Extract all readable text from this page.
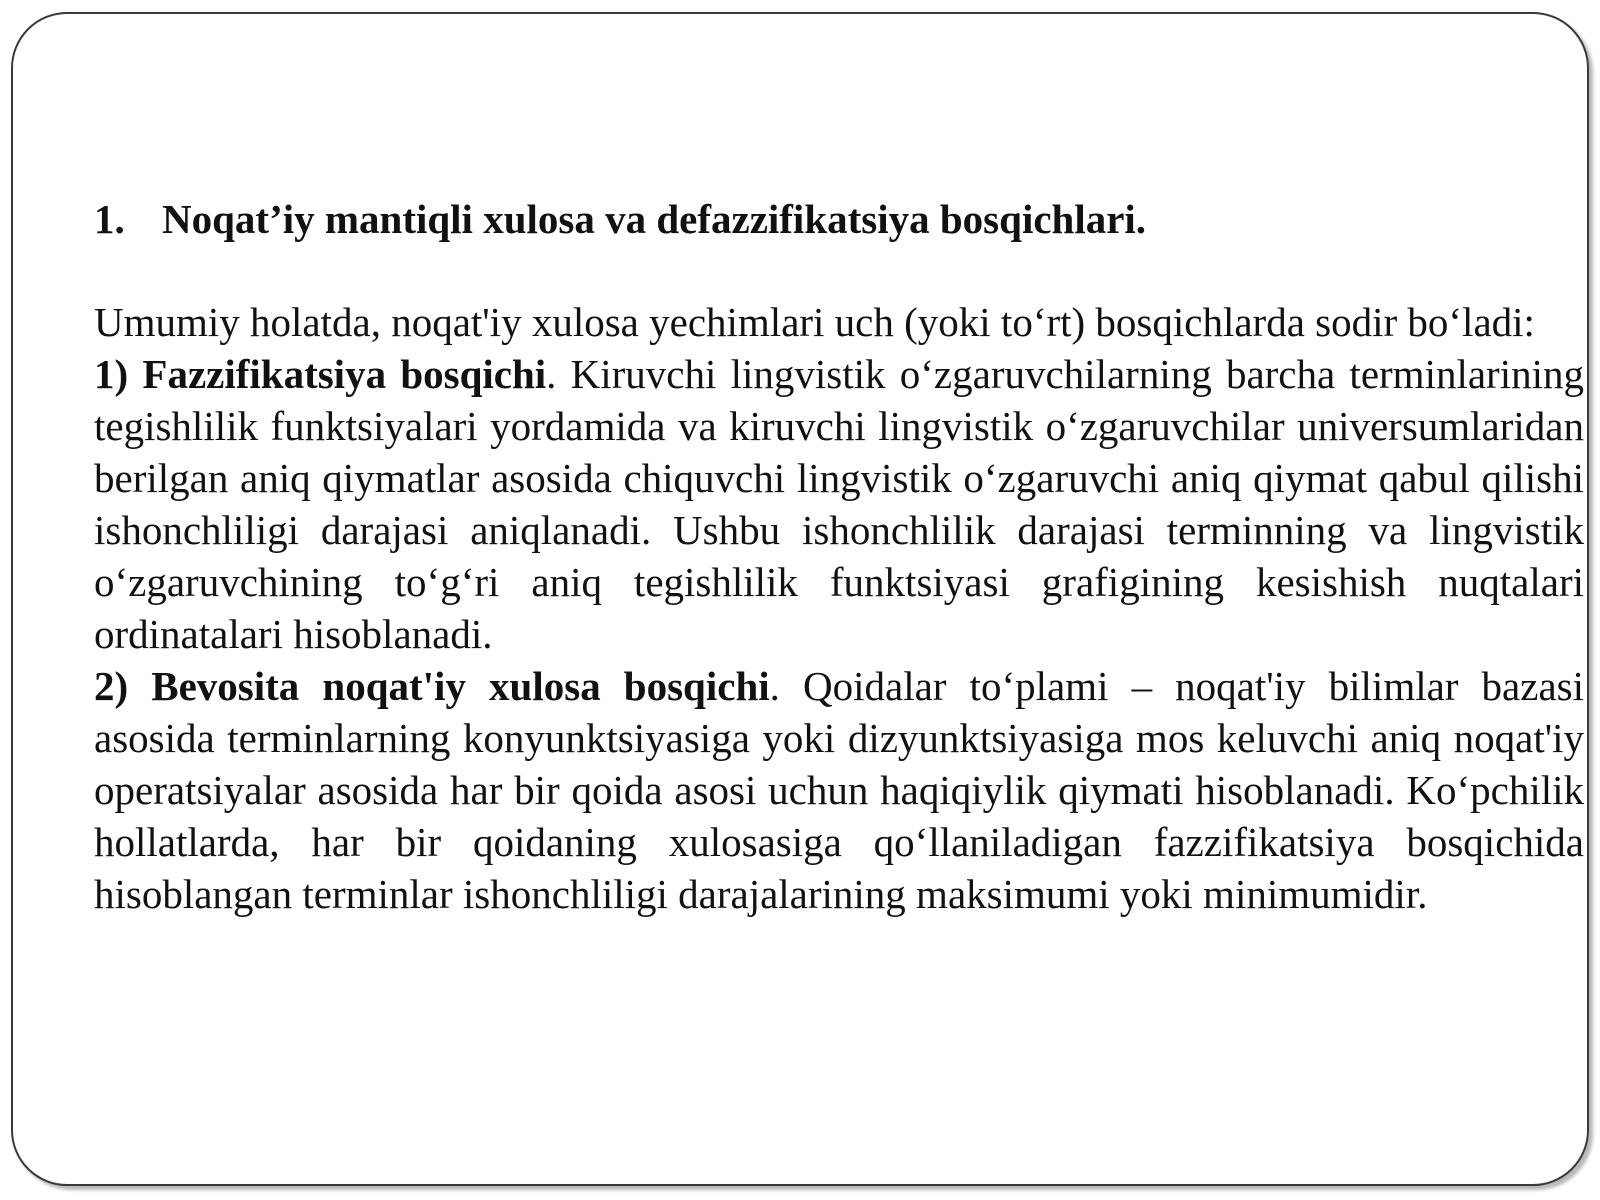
1. Noqat’iy mantiqli xulosa va defazzifikatsiya bosqichlari.

Umumiy holatda, noqat'iy xulosa yechimlari uch (yoki to‘rt) bosqichlarda sodir bo‘ladi:

1) Fazzifikatsiya bosqichi. Kiruvchi lingvistik o‘zgaruvchilarning barcha terminlarining tegishlilik funktsiyalari yordamida va kiruvchi lingvistik o‘zgaruvchilar universumlaridan berilgan aniq qiymatlar asosida chiquvchi lingvistik o‘zgaruvchi aniq qiymat qabul qilishi ishonchliligi darajasi aniqlanadi. Ushbu ishonchlilik darajasi terminning va lingvistik o‘zgaruvchining to‘g‘ri aniq tegishlilik funktsiyasi grafigining kesishish nuqtalari ordinatalari hisoblanadi.

2) Bevosita noqat'iy xulosa bosqichi. Qoidalar to‘plami – noqat'iy bilimlar bazasi asosida terminlarning konyunktsiyasiga yoki dizyunktsiyasiga mos keluvchi aniq noqat'iy operatsiyalar asosida har bir qoida asosi uchun haqiqiylik qiymati hisoblanadi. Ko‘pchilik hollatlarda, har bir qoidaning xulosasiga qo‘llaniladigan fazzifikatsiya bosqichida hisoblangan terminlar ishonchliligi darajalarining maksimumi yoki minimumidir.
